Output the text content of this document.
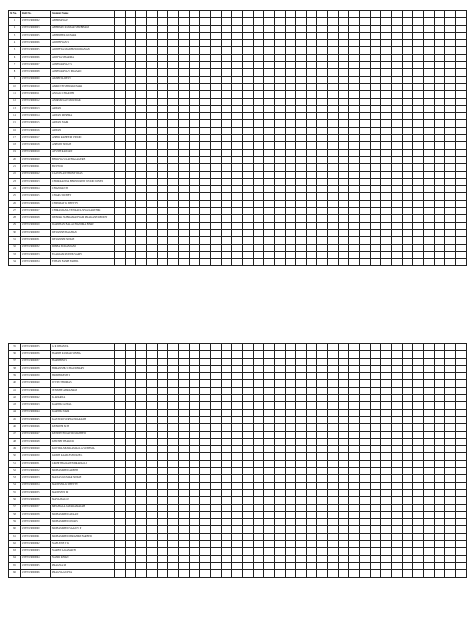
Sl No.	Roll No.	Student Name																																	
1	2337013000002	ABHINAYA P																																	
2	2337013000003	ABHINAV KUMAR SHUBHAM																																	
3	2337013000005	ABHISHEK KUMAR																																	
4	2337013000006	ADITHIYAN S																																	
5	2337013000005	ADITHYA MADHUSOODANAN																																	
6	2337013000006	ADITYA SHARMA																																	
7	2337013000007	AISHWARYA T S																																	
8	2337013000008	AISHWARYA V PRASAD																																	
9	2337013000009	AKSHITA DEVI																																	
10	2337013000010	AMRUTH SHIVAKUMAR																																	
11	2337013000011	ANJALI CHAKTHI																																	
12	2337013000012	ANIRUKSA P MOUDGIL																																	
13	2337013000013	ARYAN																																	
14	2337013000014	ARYAN MISHRA																																	
15	2337013000015	ARYAN NAIR																																	
16	2337013000016	ARYAN																																	
17	2337013000017	ASHIR RAHEEM VINOD																																	
18	2337013000018	ASHMIT SINGH																																	
19	2337013000019	AYUSH RANJAN																																	
20	2337013000020	BHAVYA S KATHALAGERE																																	
21	2337013000021	BUVNI R																																	
22	2337013000022	CALVIN ANTHONY DIAS																																	
23	2337013000023	CHOKKANNA BERNWATIN WOOD JONES																																	
24	2337013000024	CHANDAN B																																	
25	2337013000025	CHARU DUBEY																																	
26	2337013000026	CHINMAY K SHETTY																																	
27	2337013000027	CHIRAMANA VENKATA SIVA KARTHIK																																	
28	2337013000028	DEEPAK SUBRAMANYAM PRAKASH REDDY																																	
29	2337013000029	DARSHAN BALACHANDRA BHAT																																	
30	2337013000030	DEVANSH BAGHAN																																	
31	2337013000031	DEVANSHI SINGH																																	
32	2337013000032	DISHA SURANJANI																																	
33	2337013000033	ELAKIAM PONNUSAMY																																	
34	2337013000034	ETHAN FASIH FAIBIL																																	
35	2337013000035	G R DHANYA																																	
36	2337013000036	HARSH KUMAR SINHA																																	
37	2337013000037	HARSHINI S																																	
38	2337013000038	HIMANSHU CHAUDHARY																																	
39	2337013000039	HRISHIKESH S																																	
40	2337013000040	IVVIN THOMAS																																	
41	2337013000041	JENISHE ABRAHAM																																	
42	2337013000042	K APARNA																																	
43	2337013000043	KARTIK GOYAL																																	
44	2337013000044	KARTIK NAIR																																	
45	2337013000045	KASTURI SURYA PRAKASH																																	
46	2337013000046	KEERTHI M H																																	
47	2337013000047	KENNETH DAVID MATHEW																																	
48	2337013000048	KHUSHI THAKUR																																	
49	2337013000049	KOVIDA MUKKAMALLA SUSHMA																																	
50	2337013000050	KRISH KAMLESH PATEL																																	
51	2337013000051	LIKHITHA RAJENDRAPALLI																																	
52	2337013000052	MOHAMMED AREEB																																	
53	2337013000053	MANAS KUMAR SINGH																																	
54	2337013000054	MANISHA K SHETTY																																	
55	2337013000055	MANISH N M																																	
56	2337013000056	MAYA BALOJ																																	
57	2337013000057	MEGHALA JAYARAMAIAH																																	
58	2337013000058	MOHAMMED AYAAN																																	
59	2337013000059	MOHAMMED OWAIS																																	
60	2337013000060	MOHAMMED SAAD V P																																	
61	2337013000061	MOHAMMED IBRAHIM FAREED																																	
62	2337013000062	NAFLENE T K																																	
63	2337013000063	NAREN A KAMATH																																	
64	2337013000064	NASIR KHAN																																	
65	2337013000065	PRAGNA M																																	
66	2337013000066	PRAGYA GUPTA																																	
